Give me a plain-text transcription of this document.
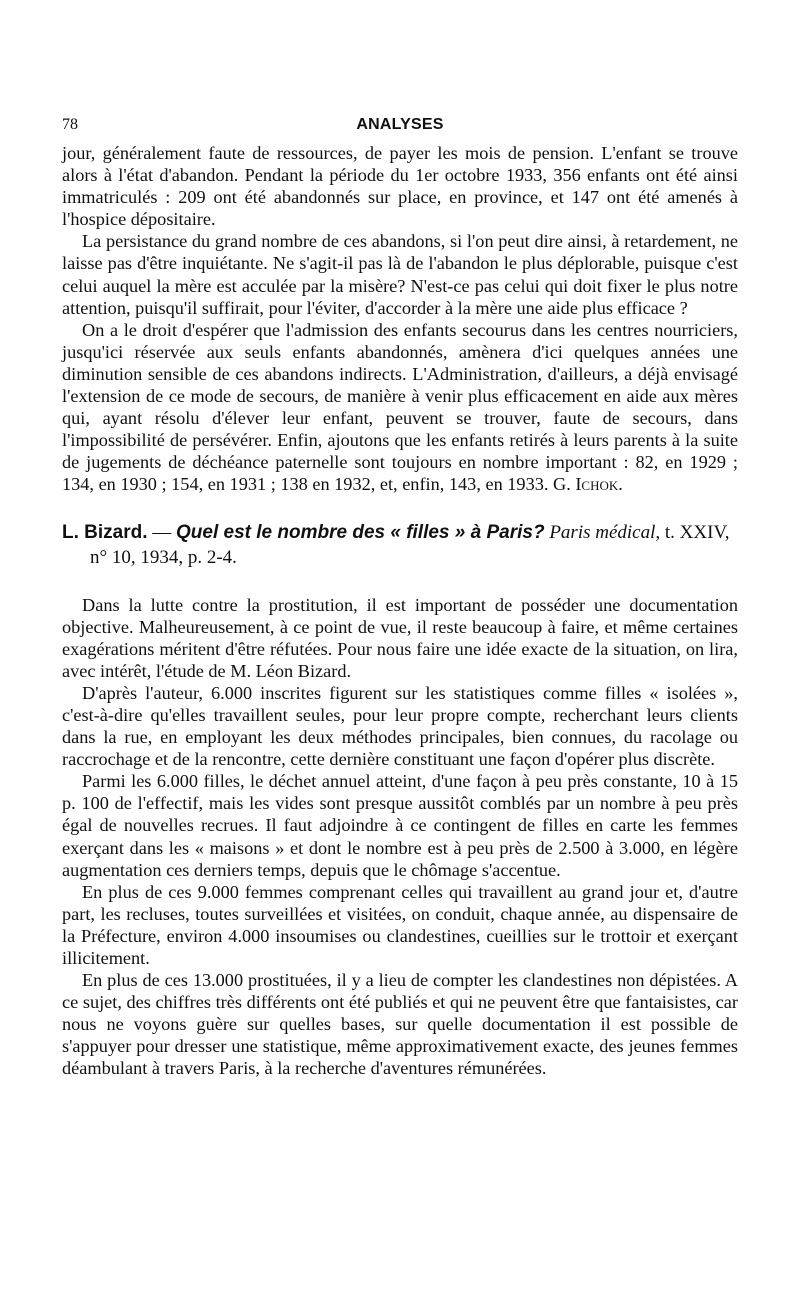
78	ANALYSES

jour, généralement faute de ressources, de payer les mois de pension. L'enfant se trouve alors à l'état d'abandon. Pendant la période du 1er octobre 1933, 356 enfants ont été ainsi immatriculés : 209 ont été abandonnés sur place, en province, et 147 ont été amenés à l'hospice dépositaire.

La persistance du grand nombre de ces abandons, si l'on peut dire ainsi, à retardement, ne laisse pas d'être inquiétante. Ne s'agit-il pas là de l'abandon le plus déplorable, puisque c'est celui auquel la mère est acculée par la misère? N'est-ce pas celui qui doit fixer le plus notre attention, puisqu'il suffirait, pour l'éviter, d'accorder à la mère une aide plus efficace ?

On a le droit d'espérer que l'admission des enfants secourus dans les centres nourriciers, jusqu'ici réservée aux seuls enfants abandonnés, amènera d'ici quelques années une diminution sensible de ces abandons indirects. L'Administration, d'ailleurs, a déjà envisagé l'extension de ce mode de secours, de manière à venir plus efficacement en aide aux mères qui, ayant résolu d'élever leur enfant, peuvent se trouver, faute de secours, dans l'impossibilité de persévérer. Enfin, ajoutons que les enfants retirés à leurs parents à la suite de jugements de déchéance paternelle sont toujours en nombre important : 82, en 1929 ; 134, en 1930 ; 154, en 1931 ; 138 en 1932, et, enfin, 143, en 1933. G. Ichok.

L. Bizard. — Quel est le nombre des « filles » à Paris? Paris médical, t. XXIV, n° 10, 1934, p. 2-4.

Dans la lutte contre la prostitution, il est important de posséder une documentation objective. Malheureusement, à ce point de vue, il reste beaucoup à faire, et même certaines exagérations méritent d'être réfutées. Pour nous faire une idée exacte de la situation, on lira, avec intérêt, l'étude de M. Léon Bizard.

D'après l'auteur, 6.000 inscrites figurent sur les statistiques comme filles « isolées », c'est-à-dire qu'elles travaillent seules, pour leur propre compte, recherchant leurs clients dans la rue, en employant les deux méthodes principales, bien connues, du racolage ou raccrochage et de la rencontre, cette dernière constituant une façon d'opérer plus discrète.

Parmi les 6.000 filles, le déchet annuel atteint, d'une façon à peu près constante, 10 à 15 p. 100 de l'effectif, mais les vides sont presque aussitôt comblés par un nombre à peu près égal de nouvelles recrues. Il faut adjoindre à ce contingent de filles en carte les femmes exerçant dans les « maisons » et dont le nombre est à peu près de 2.500 à 3.000, en légère augmentation ces derniers temps, depuis que le chômage s'accentue.

En plus de ces 9.000 femmes comprenant celles qui travaillent au grand jour et, d'autre part, les recluses, toutes surveillées et visitées, on conduit, chaque année, au dispensaire de la Préfecture, environ 4.000 insoumises ou clandestines, cueillies sur le trottoir et exerçant illicitement.

En plus de ces 13.000 prostituées, il y a lieu de compter les clandestines non dépistées. A ce sujet, des chiffres très différents ont été publiés et qui ne peuvent être que fantaisistes, car nous ne voyons guère sur quelles bases, sur quelle documentation il est possible de s'appuyer pour dresser une statistique, même approximativement exacte, des jeunes femmes déambulant à travers Paris, à la recherche d'aventures rémunérées.
